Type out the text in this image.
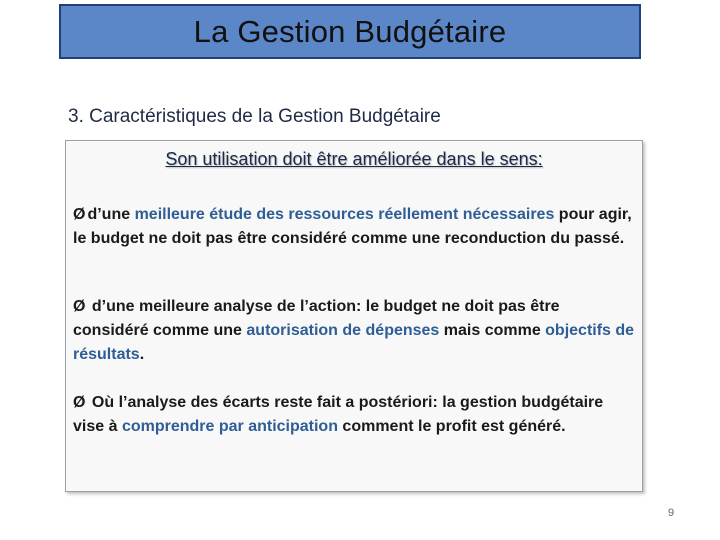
La Gestion Budgétaire
3. Caractéristiques de la Gestion Budgétaire
Son utilisation doit être améliorée dans le sens:
Ø d’une meilleure étude des ressources réellement nécessaires pour agir, le budget ne doit pas être considéré comme une reconduction du passé.
Ø d’une meilleure analyse de l’action: le budget ne doit pas être considéré comme une autorisation de dépenses mais comme objectifs de résultats.
Ø Où l’analyse des écarts reste fait a postériori: la gestion budgétaire vise à comprendre par anticipation comment le profit est généré.
9
